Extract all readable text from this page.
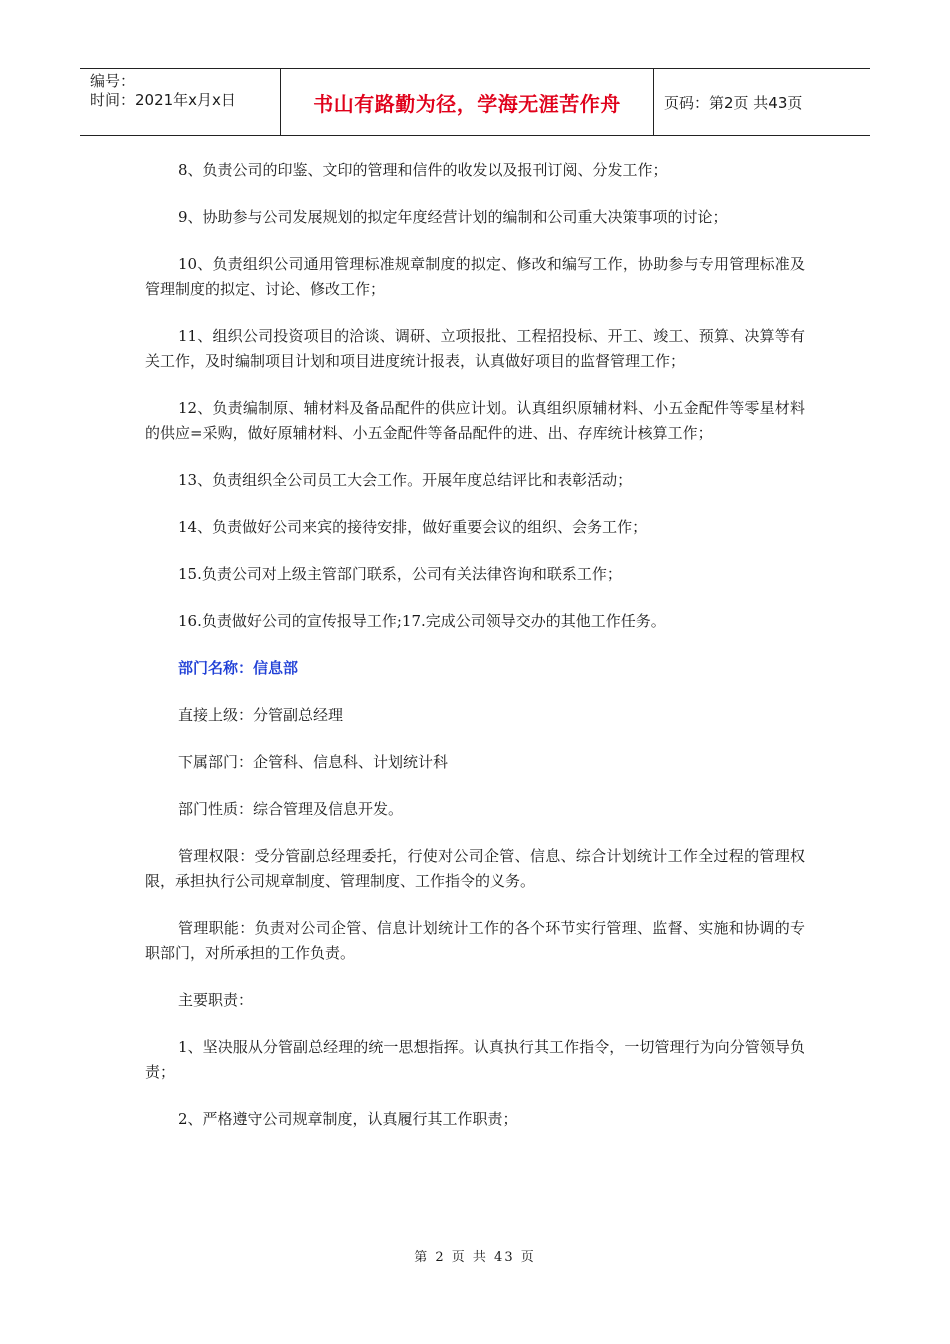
编号：
时间：2021年x月x日	书山有路勤为径，学海无涯苦作舟	页码：第2页 共43页

8、负责公司的印鉴、文印的管理和信件的收发以及报刊订阅、分发工作；

9、协助参与公司发展规划的拟定年度经营计划的编制和公司重大决策事项的讨论；

10、负责组织公司通用管理标准规章制度的拟定、修改和编写工作，协助参与专用管理标准及管理制度的拟定、讨论、修改工作；

11、组织公司投资项目的洽谈、调研、立项报批、工程招投标、开工、竣工、预算、决算等有关工作，及时编制项目计划和项目进度统计报表，认真做好项目的监督管理工作；

12、负责编制原、辅材料及备品配件的供应计划。认真组织原辅材料、小五金配件等零星材料的供应=采购，做好原辅材料、小五金配件等备品配件的进、出、存库统计核算工作；

13、负责组织全公司员工大会工作。开展年度总结评比和表彰活动；

14、负责做好公司来宾的接待安排，做好重要会议的组织、会务工作；

15.负责公司对上级主管部门联系，公司有关法律咨询和联系工作；

16.负责做好公司的宣传报导工作;17.完成公司领导交办的其他工作任务。

部门名称：信息部

直接上级：分管副总经理

下属部门：企管科、信息科、计划统计科

部门性质：综合管理及信息开发。

管理权限：受分管副总经理委托，行使对公司企管、信息、综合计划统计工作全过程的管理权限，承担执行公司规章制度、管理制度、工作指令的义务。

管理职能：负责对公司企管、信息计划统计工作的各个环节实行管理、监督、实施和协调的专职部门，对所承担的工作负责。

主要职责：

1、坚决服从分管副总经理的统一思想指挥。认真执行其工作指令，一切管理行为向分管领导负责；

2、严格遵守公司规章制度，认真履行其工作职责；

第 2 页 共 43 页
